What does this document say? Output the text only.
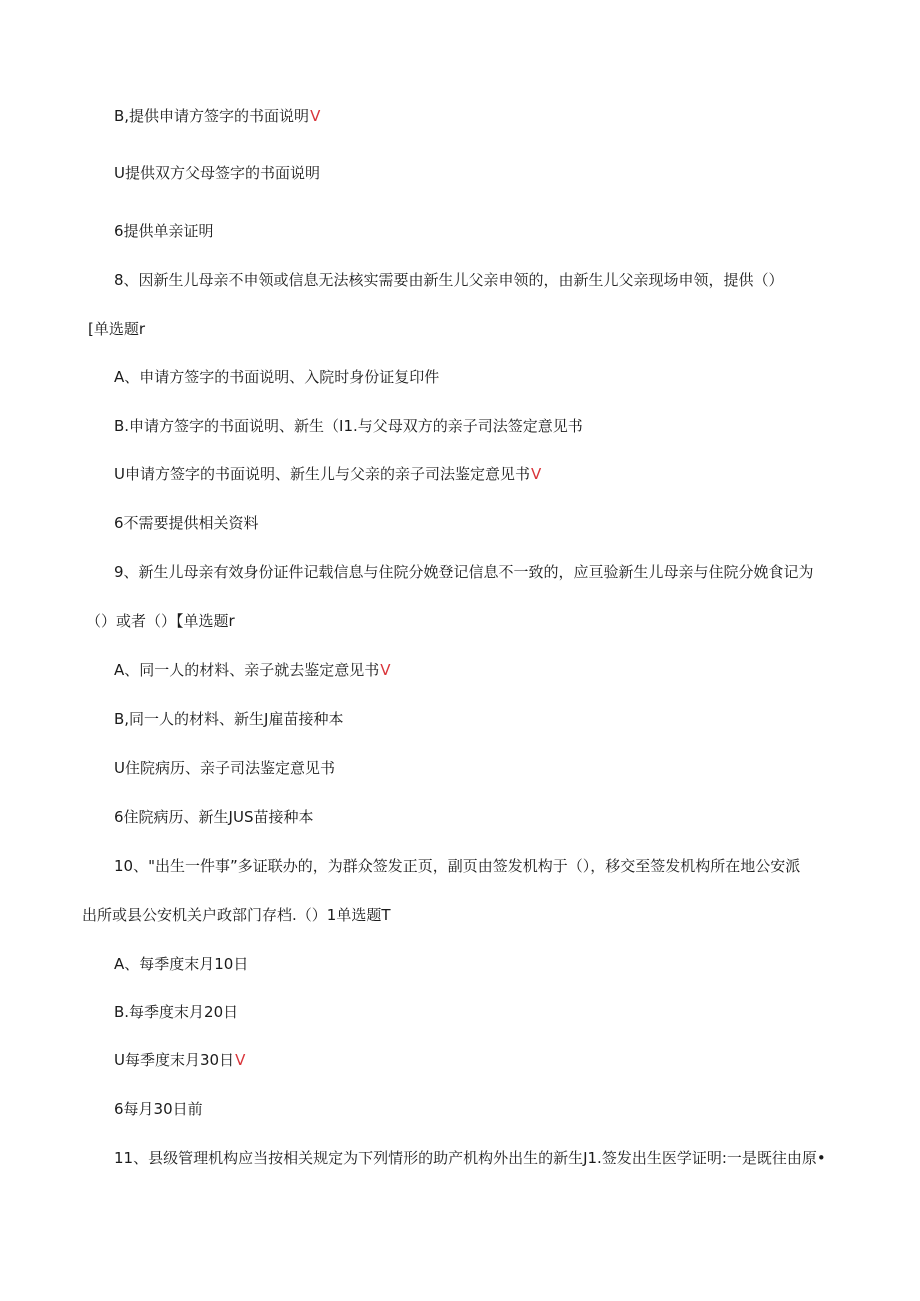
B,提供申请方签字的书面说明V
U提供双方父母签字的书面说明
6提供单亲证明
8、因新生儿母亲不申领或信息无法核实需要由新生儿父亲申领的，由新生儿父亲现场申领，提供（）
[单选题r
A、申请方签字的书面说明、入院时身份证复印件
B.申请方签字的书面说明、新生（I1.与父母双方的亲子司法签定意见书
U申请方签字的书面说明、新生儿与父亲的亲子司法鉴定意见书V
6不需要提供相关资料
9、新生儿母亲有效身份证件记载信息与住院分娩登记信息不一致的，应亘验新生儿母亲与住院分娩食记为
（）或者（）【单选题r
A、同一人的材料、亲子就去鉴定意见书V
B,同一人的材料、新生J雇苗接种本
U住院病历、亲子司法鉴定意见书
6住院病历、新生JUS苗接种本
10、"出生一件事”多证联办的，为群众签发正页，副页由签发机构于（），移交至签发机构所在地公安派
出所或县公安机关户政部门存档.（）1单选题T
A、每季度末月10日
B.每季度末月20日
U每季度末月30日V
6每月30日前
11、县级管理机构应当按相关规定为下列情形的助产机构外出生的新生J1.签发出生医学证明:一是既往由原•
